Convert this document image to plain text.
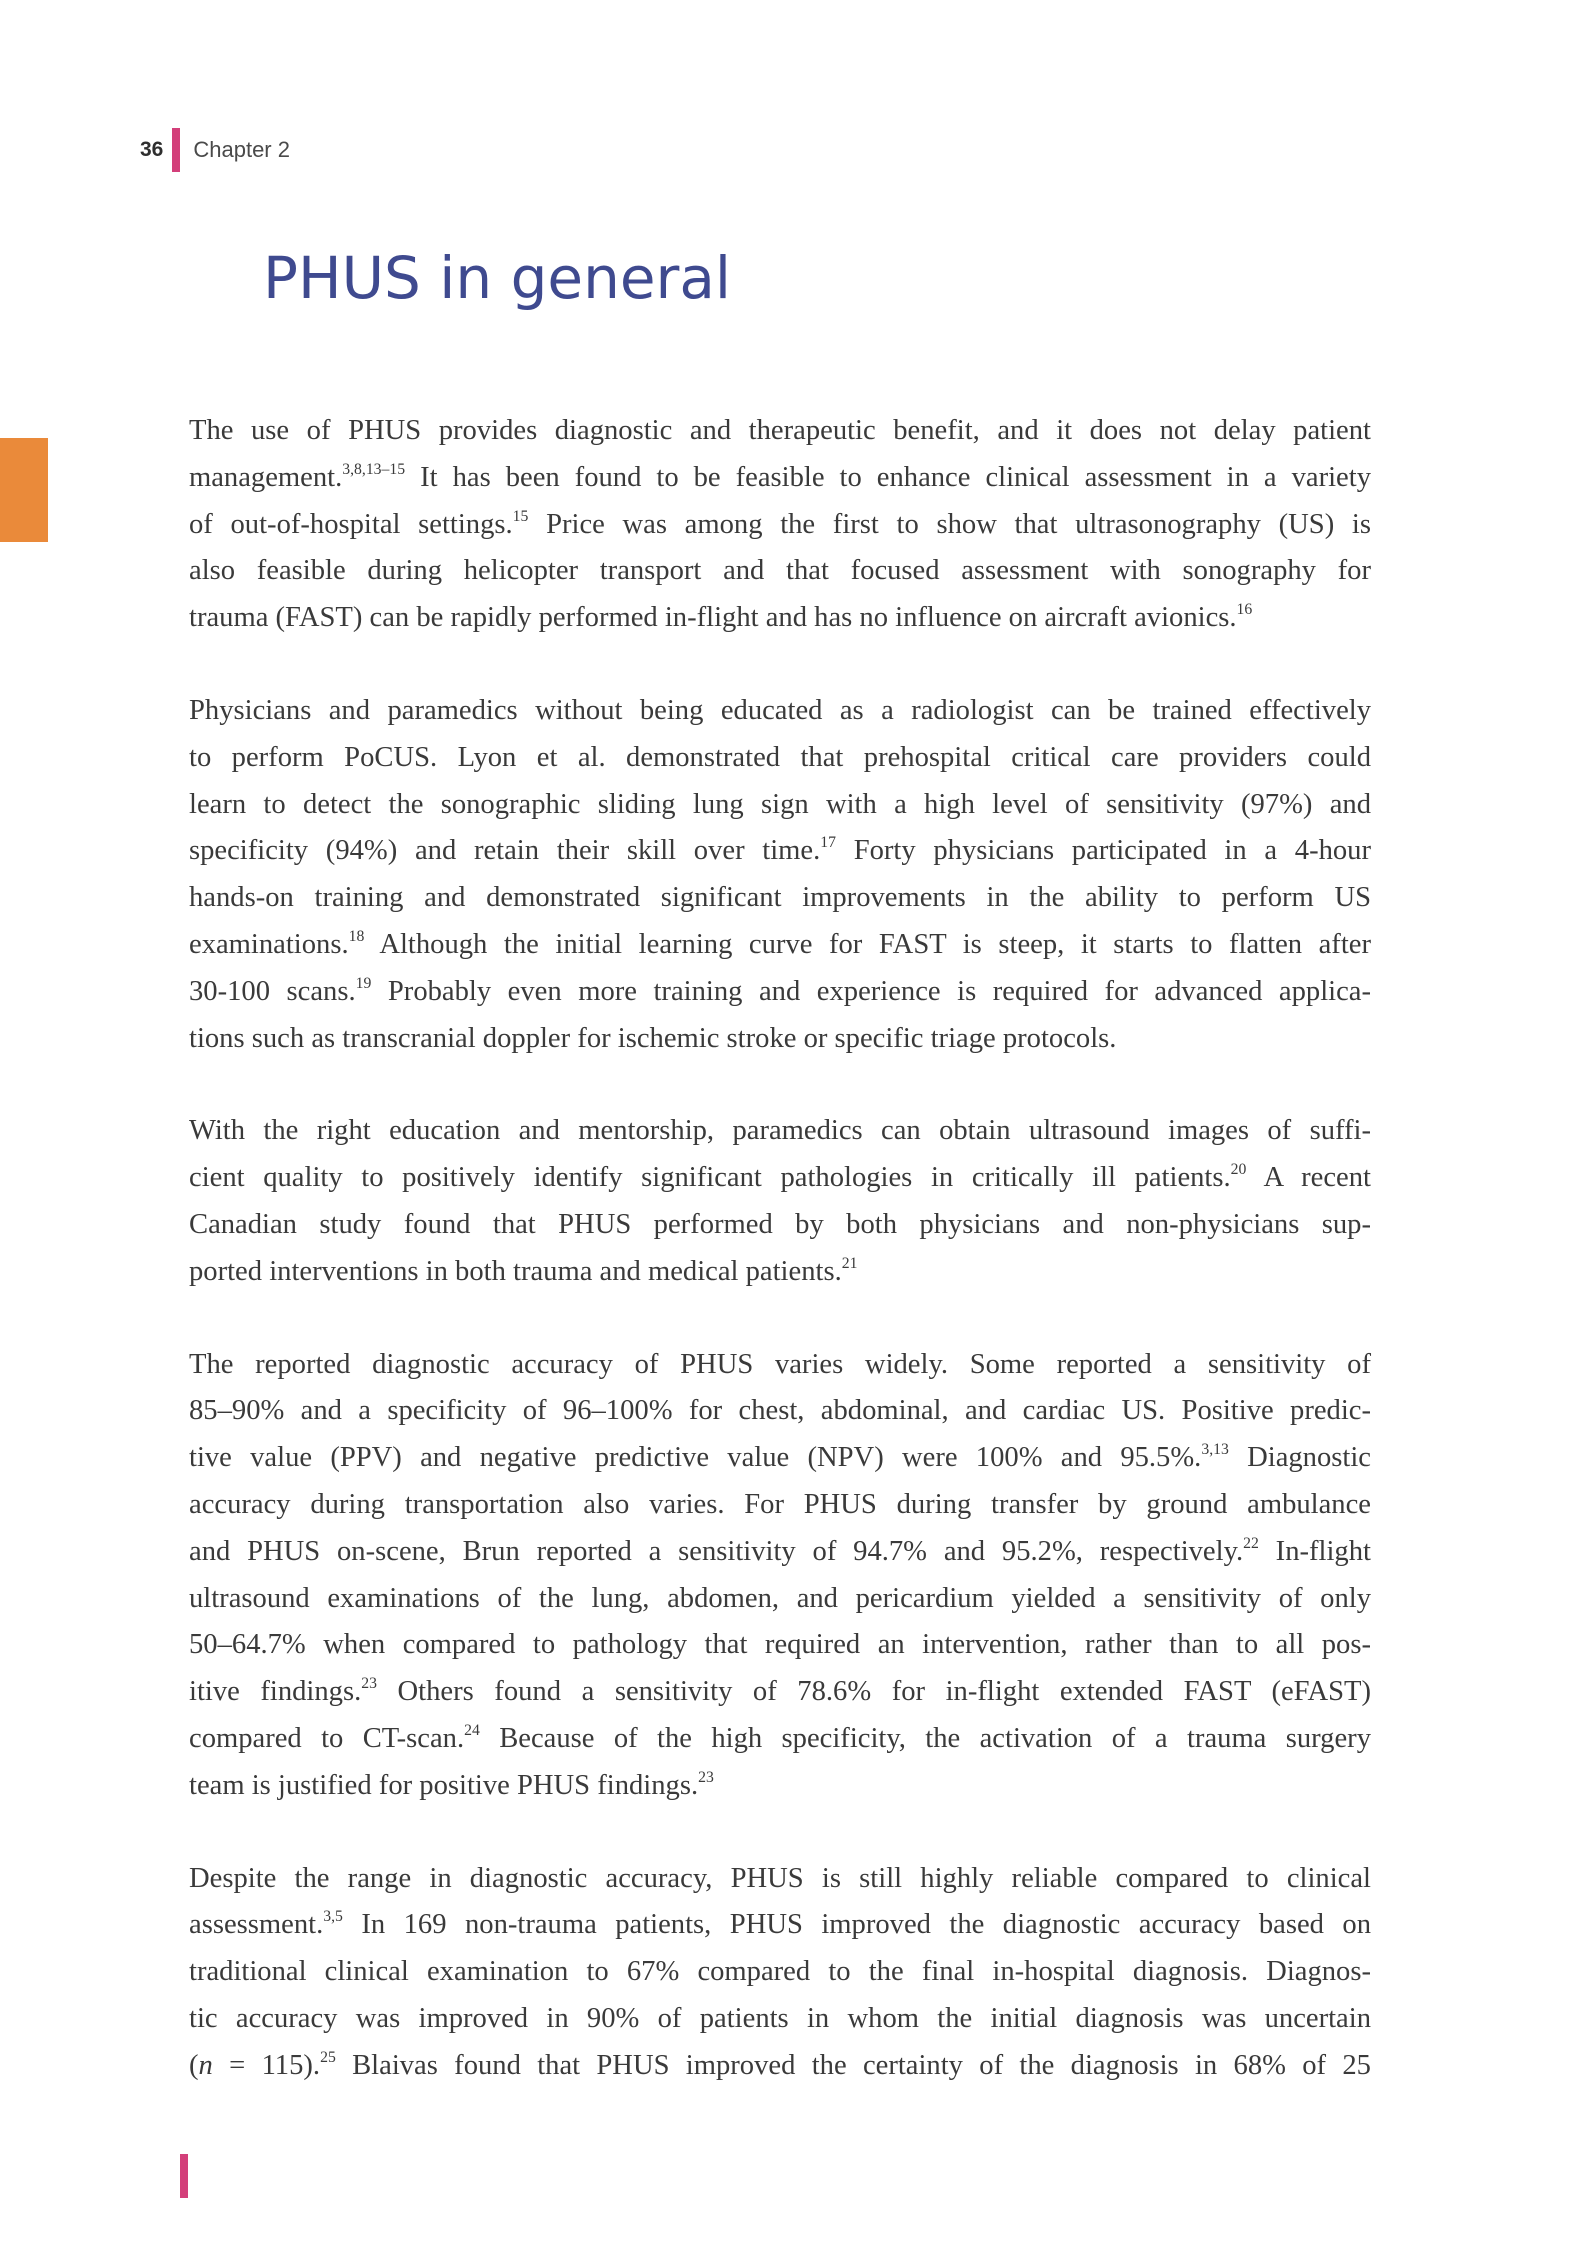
36 Chapter 2
PHUS in general

The use of PHUS provides diagnostic and therapeutic benefit, and it does not delay patient
management.$^{3,8,13-15}$ It has been found to be feasible to enhance clinical assessment in a variety
of out-of-hospital settings.$^{15}$ Price was among the first to show that ultrasonography (US) is
also feasible during helicopter transport and that focused assessment with sonography for
trauma (FAST) can be rapidly performed in-flight and has no influence on aircraft avionics.$^{16}$

Physicians and paramedics without being educated as a radiologist can be trained effectively
to perform PoCUS. Lyon et al. demonstrated that prehospital critical care providers could
learn to detect the sonographic sliding lung sign with a high level of sensitivity (97%) and
specificity (94%) and retain their skill over time.$^{17}$ Forty physicians participated in a 4-hour
hands-on training and demonstrated significant improvements in the ability to perform US
examinations.$^{18}$ Although the initial learning curve for FAST is steep, it starts to flatten after
30-100 scans.$^{19}$ Probably even more training and experience is required for advanced applica-
tions such as transcranial doppler for ischemic stroke or specific triage protocols.

With the right education and mentorship, paramedics can obtain ultrasound images of suffi-
cient quality to positively identify significant pathologies in critically ill patients.$^{20}$ A recent
Canadian study found that PHUS performed by both physicians and non-physicians sup-
ported interventions in both trauma and medical patients.$^{21}$

The reported diagnostic accuracy of PHUS varies widely. Some reported a sensitivity of
85–90% and a specificity of 96–100% for chest, abdominal, and cardiac US. Positive predic-
tive value (PPV) and negative predictive value (NPV) were 100% and 95.5%.$^{3,13}$ Diagnostic
accuracy during transportation also varies. For PHUS during transfer by ground ambulance
and PHUS on-scene, Brun reported a sensitivity of 94.7% and 95.2%, respectively.$^{22}$ In-flight
ultrasound examinations of the lung, abdomen, and pericardium yielded a sensitivity of only
50–64.7% when compared to pathology that required an intervention, rather than to all pos-
itive findings.$^{23}$ Others found a sensitivity of 78.6% for in-flight extended FAST (eFAST)
compared to CT-scan.$^{24}$ Because of the high specificity, the activation of a trauma surgery
team is justified for positive PHUS findings.$^{23}$

Despite the range in diagnostic accuracy, PHUS is still highly reliable compared to clinical
assessment.$^{3,5}$ In 169 non-trauma patients, PHUS improved the diagnostic accuracy based on
traditional clinical examination to 67% compared to the final in-hospital diagnosis. Diagnos-
tic accuracy was improved in 90% of patients in whom the initial diagnosis was uncertain
(n = 115).$^{25}$ Blaivas found that PHUS improved the certainty of the diagnosis in 68% of 25
